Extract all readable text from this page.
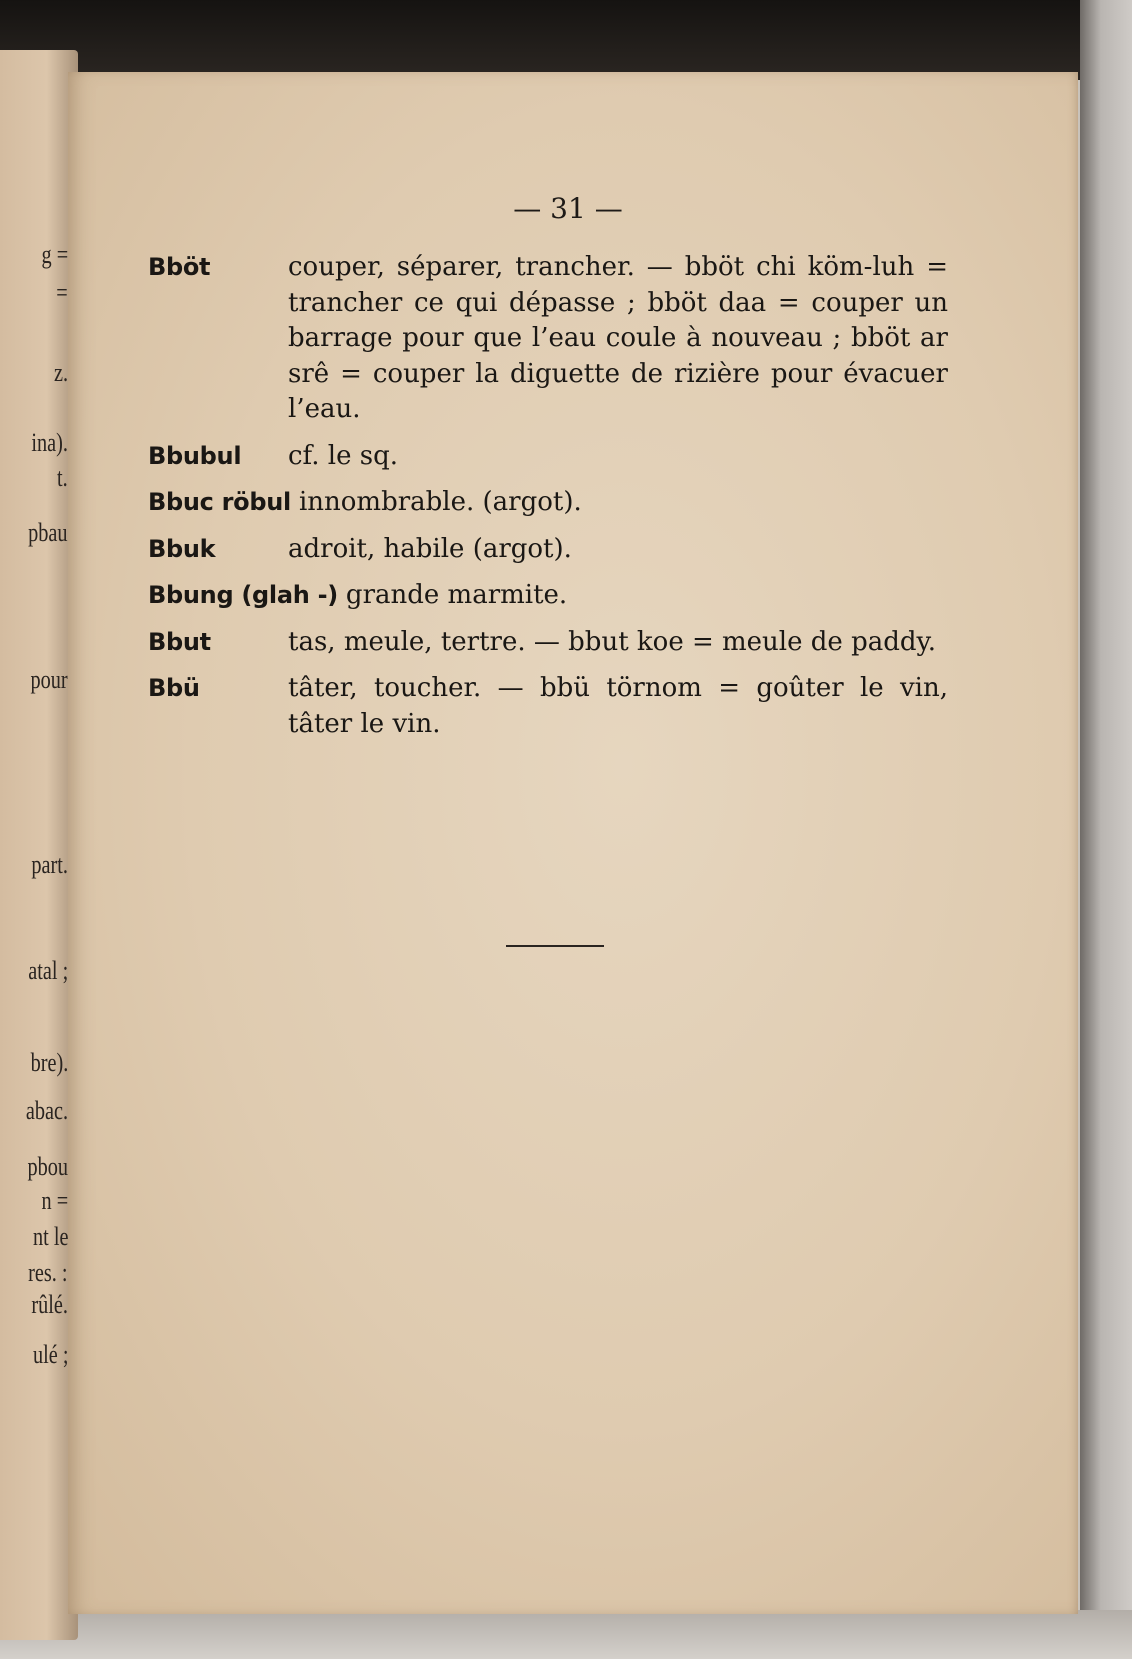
g =
=
z.
ina).
t.
pbau
pour
part.
atal ;
bre).
abac.
pbou
n =
nt le
res. :
rûlé.
ulé ;
— 31 —
Bböt	couper, séparer, trancher. — bböt chi köm-luh = trancher ce qui dépasse ; bböt daa = couper un barrage pour que l’eau coule à nouveau ; bböt ar srê = couper la diguette de rizière pour évacuer l’eau.
Bbubul cf. le sq.
Bbuc röbul innombrable. (argot).
Bbuk	adroit, habile (argot).
Bbung (glah -) grande marmite.
Bbut	tas, meule, tertre. — bbut koe = meule de paddy.
Bbü	tâter, toucher. — bbü törnom = goûter le vin, tâter le vin.
